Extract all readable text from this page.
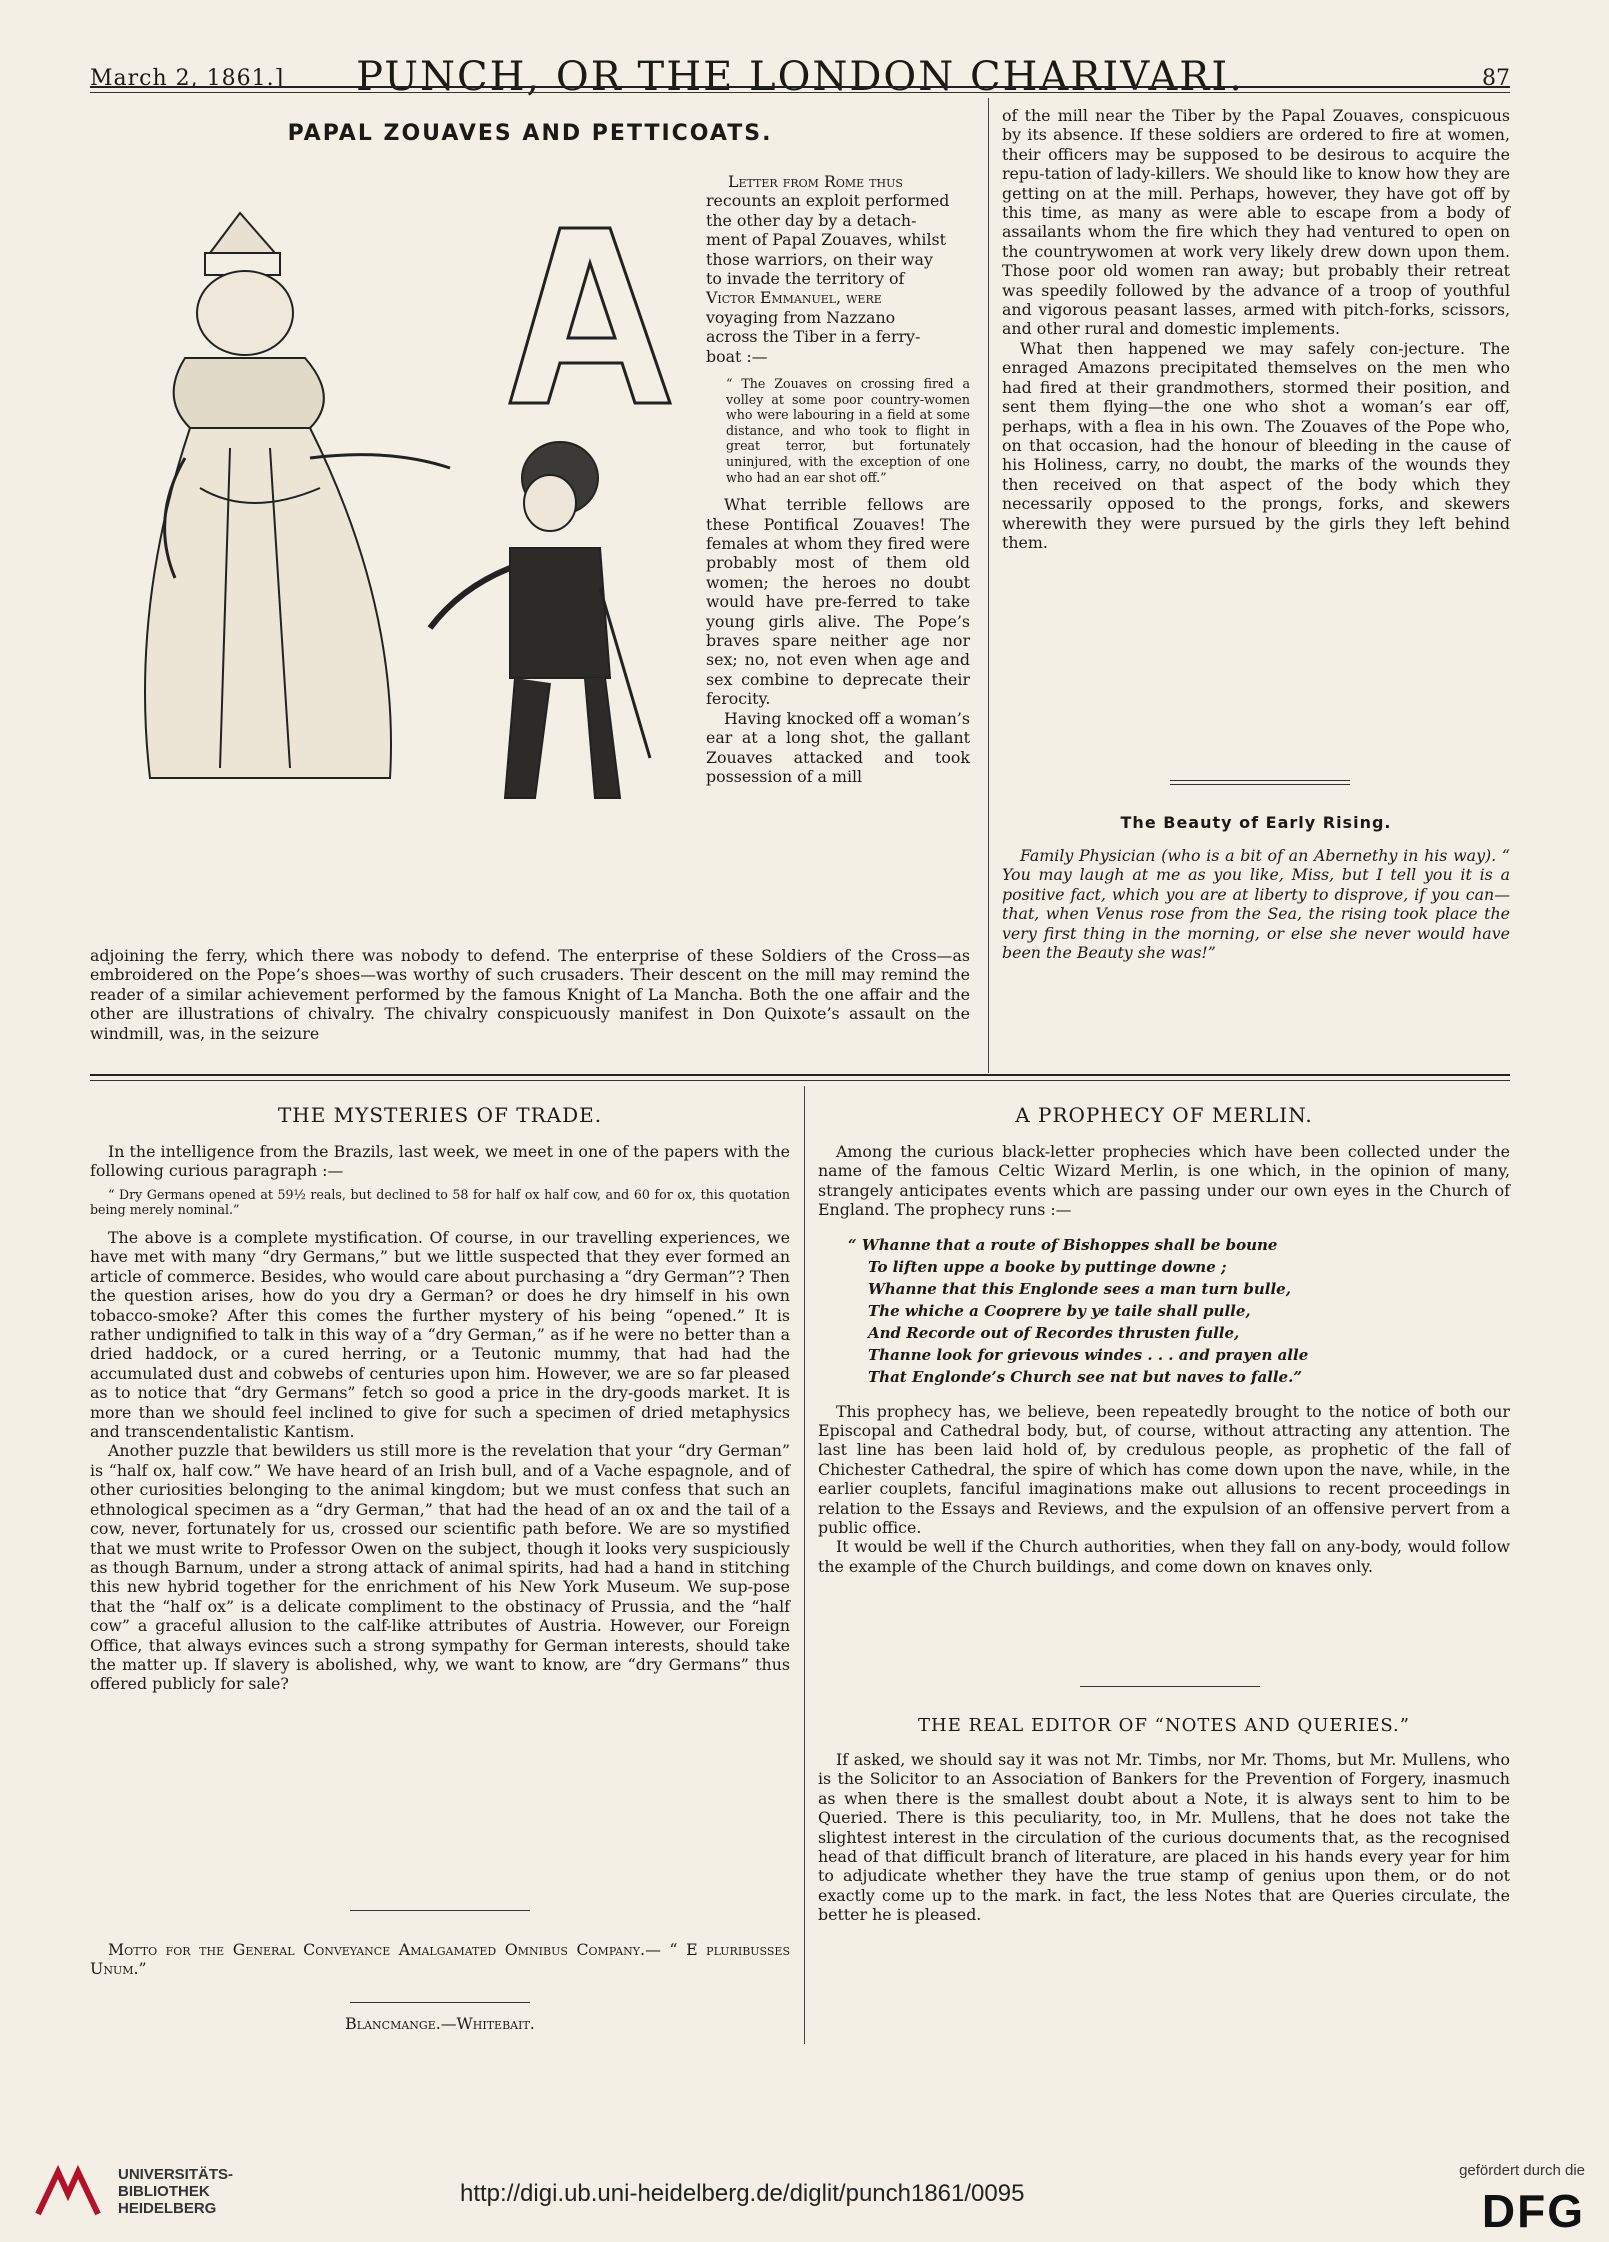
March 2, 1861.]	PUNCH, OR THE LONDON CHARIVARI.	87
PAPAL ZOUAVES AND PETTICOATS.
Letter from Rome thus
recounts an exploit performed
the other day by a detach-
ment of Papal Zouaves, whilst
those warriors, on their way
to invade the territory of
Victor Emmanuel, were
voyaging from Nazzano
across the Tiber in a ferry-
boat :—
“ The Zouaves on crossing fired a volley at some poor country-women who were labouring in a field at some distance, and who took to flight in great terror, but fortunately uninjured, with the exception of one who had an ear shot off.”

What terrible fellows are these Pontifical Zouaves! The females at whom they fired were probably most of them old women; the heroes no doubt would have pre-ferred to take young girls alive. The Pope’s braves spare neither age nor sex; no, not even when age and sex combine to deprecate their ferocity.

Having knocked off a woman’s ear at a long shot, the gallant Zouaves attacked and took possession of a mill

adjoining the ferry, which there was nobody to defend. The enterprise of these Soldiers of the Cross—as embroidered on the Pope’s shoes—was worthy of such crusaders. Their descent on the mill may remind the reader of a similar achievement performed by the famous Knight of La Mancha. Both the one affair and the other are illustrations of chivalry. The chivalry conspicuously manifest in Don Quixote’s assault on the windmill, was, in the seizure

of the mill near the Tiber by the Papal Zouaves, conspicuous by its absence. If these soldiers are ordered to fire at women, their officers may be supposed to be desirous to acquire the repu-tation of lady-killers. We should like to know how they are getting on at the mill. Perhaps, however, they have got off by this time, as many as were able to escape from a body of assailants whom the fire which they had ventured to open on the countrywomen at work very likely drew down upon them. Those poor old women ran away; but probably their retreat was speedily followed by the advance of a troop of youthful and vigorous peasant lasses, armed with pitch-forks, scissors, and other rural and domestic implements.

What then happened we may safely con-jecture. The enraged Amazons precipitated themselves on the men who had fired at their grandmothers, stormed their position, and sent them flying—the one who shot a woman’s ear off, perhaps, with a flea in his own. The Zouaves of the Pope who, on that occasion, had the honour of bleeding in the cause of his Holiness, carry, no doubt, the marks of the wounds they then received on that aspect of the body which they necessarily opposed to the prongs, forks, and skewers wherewith they were pursued by the girls they left behind them.

The Beauty of Early Rising.

Family Physician (who is a bit of an Abernethy in his way). “ You may laugh at me as you like, Miss, but I tell you it is a positive fact, which you are at liberty to disprove, if you can—that, when Venus rose from the Sea, the rising took place the very first thing in the morning, or else she never would have been the Beauty she was!”

THE MYSTERIES OF TRADE.

In the intelligence from the Brazils, last week, we meet in one of the papers with the following curious paragraph :—

“ Dry Germans opened at 59½ reals, but declined to 58 for half ox half cow, and 60 for ox, this quotation being merely nominal.”

The above is a complete mystification. Of course, in our travelling experiences, we have met with many “dry Germans,” but we little suspected that they ever formed an article of commerce. Besides, who would care about purchasing a “dry German”? Then the question arises, how do you dry a German? or does he dry himself in his own tobacco-smoke? After this comes the further mystery of his being “opened.” It is rather undignified to talk in this way of a “dry German,” as if he were no better than a dried haddock, or a cured herring, or a Teutonic mummy, that had had the accumulated dust and cobwebs of centuries upon him. However, we are so far pleased as to notice that “dry Germans” fetch so good a price in the dry-goods market. It is more than we should feel inclined to give for such a specimen of dried metaphysics and transcendentalistic Kantism.

Another puzzle that bewilders us still more is the revelation that your “dry German” is “half ox, half cow.” We have heard of an Irish bull, and of a Vache espagnole, and of other curiosities belonging to the animal kingdom; but we must confess that such an ethnological specimen as a “dry German,” that had the head of an ox and the tail of a cow, never, fortunately for us, crossed our scientific path before. We are so mystified that we must write to Professor Owen on the subject, though it looks very suspiciously as though Barnum, under a strong attack of animal spirits, had had a hand in stitching this new hybrid together for the enrichment of his New York Museum. We sup-pose that the “half ox” is a delicate compliment to the obstinacy of Prussia, and the “half cow” a graceful allusion to the calf-like attributes of Austria. However, our Foreign Office, that always evinces such a strong sympathy for German interests, should take the matter up. If slavery is abolished, why, we want to know, are “dry Germans” thus offered publicly for sale?

Motto for the General Conveyance Amalgamated Omnibus Company.— “ E pluribusses Unum.”

Blancmange.—Whitebait.
A PROPHECY OF MERLIN.

Among the curious black-letter prophecies which have been collected under the name of the famous Celtic Wizard Merlin, is one which, in the opinion of many, strangely anticipates events which are passing under our own eyes in the Church of England. The prophecy runs :—

“ Whanne that a route of Bishoppes shall be boune
To liften uppe a booke by puttinge downe ;
Whanne that this Englonde sees a man turn bulle,
The whiche a Cooprere by ye taile shall pulle,
And Recorde out of Recordes thrusten fulle,
Thanne look for grievous windes . . . and prayen alle
That Englonde’s Church see nat but naves to falle.”

This prophecy has, we believe, been repeatedly brought to the notice of both our Episcopal and Cathedral body, but, of course, without attracting any attention. The last line has been laid hold of, by credulous people, as prophetic of the fall of Chichester Cathedral, the spire of which has come down upon the nave, while, in the earlier couplets, fanciful imaginations make out allusions to recent proceedings in relation to the Essays and Reviews, and the expulsion of an offensive pervert from a public office.

It would be well if the Church authorities, when they fall on any-body, would follow the example of the Church buildings, and come down on knaves only.

THE REAL EDITOR OF “NOTES AND QUERIES.”

If asked, we should say it was not Mr. Timbs, nor Mr. Thoms, but Mr. Mullens, who is the Solicitor to an Association of Bankers for the Prevention of Forgery, inasmuch as when there is the smallest doubt about a Note, it is always sent to him to be Queried. There is this peculiarity, too, in Mr. Mullens, that he does not take the slightest interest in the circulation of the curious documents that, as the recognised head of that difficult branch of literature, are placed in his hands every year for him to adjudicate whether they have the true stamp of genius upon them, or do not exactly come up to the mark. in fact, the less Notes that are Queries circulate, the better he is pleased.

UNIVERSITÄTS-
BIBLIOTHEK
HEIDELBERG
http://digi.ub.uni-heidelberg.de/diglit/punch1861/0095
gefördert durch die
DFG
